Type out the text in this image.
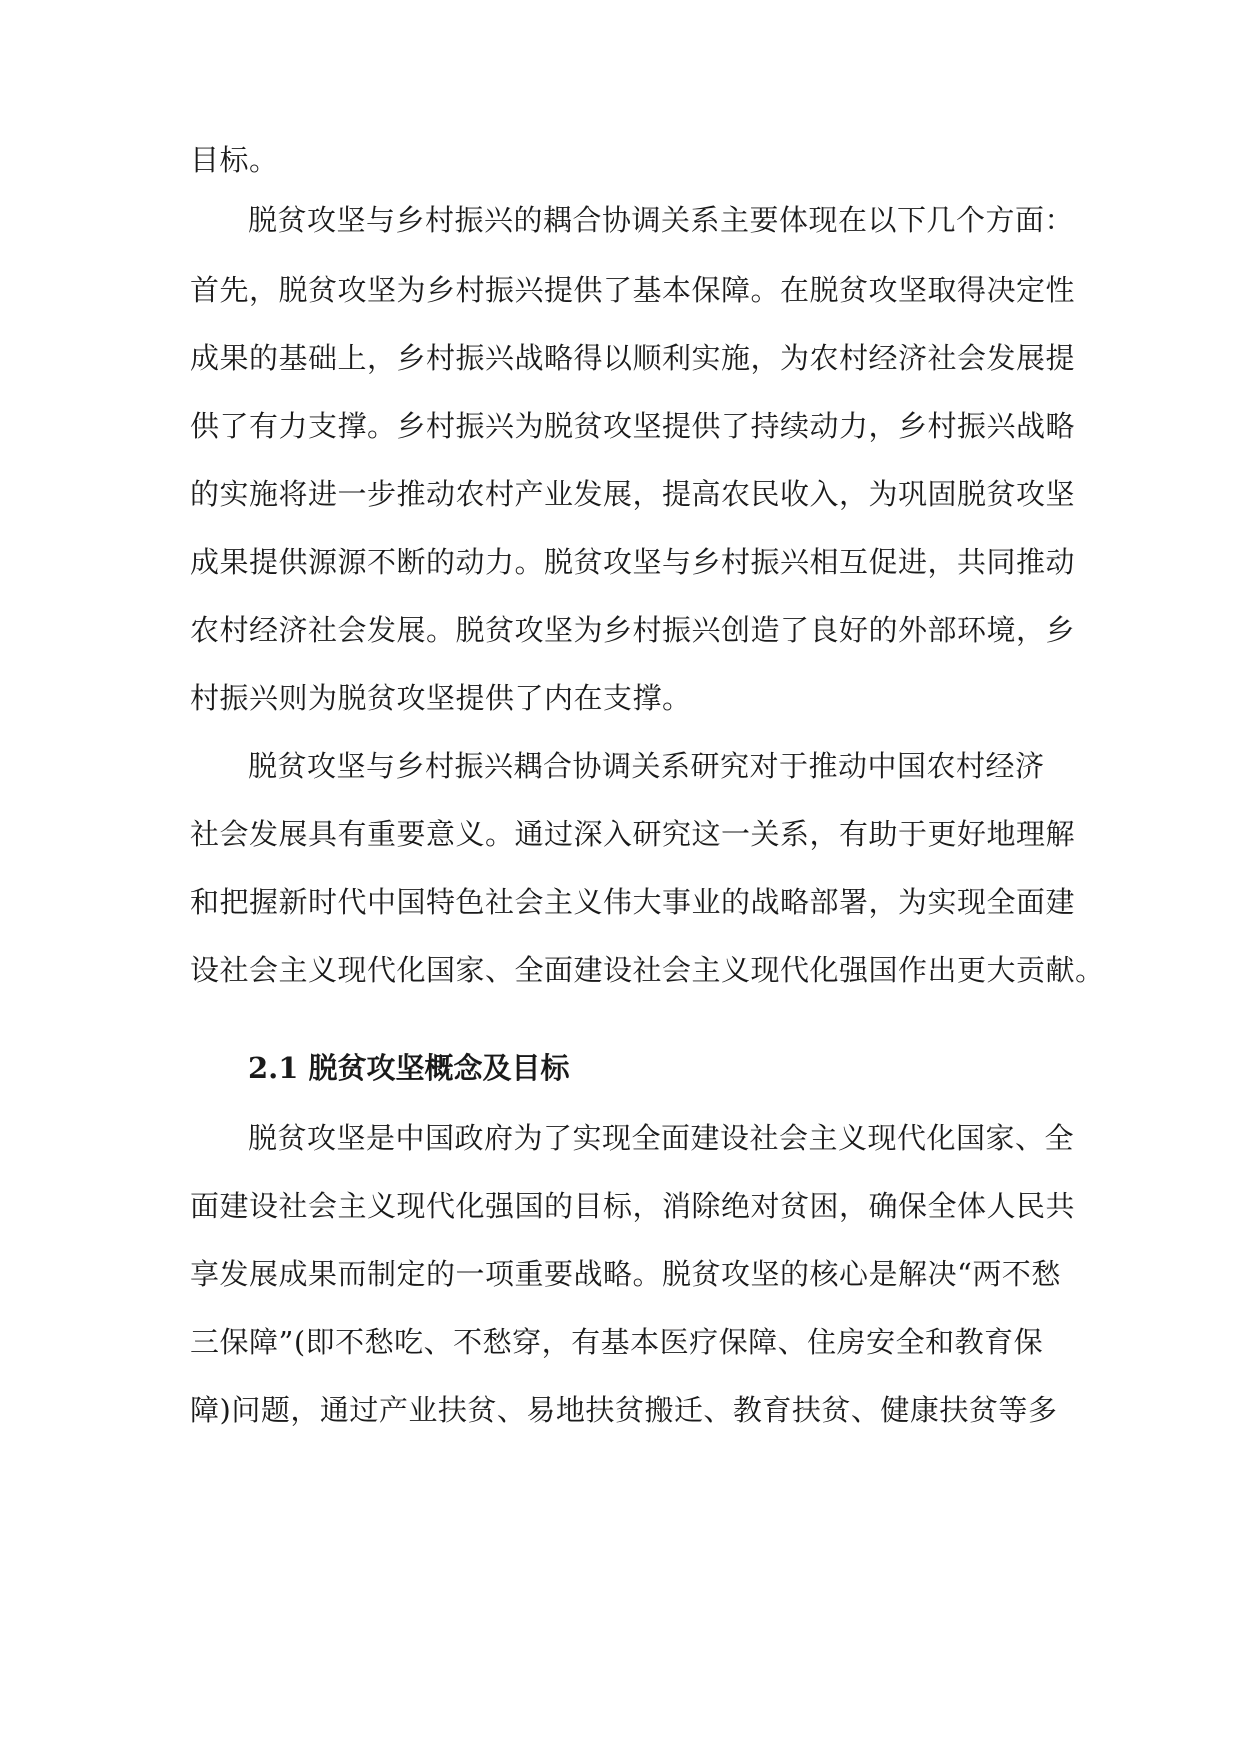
目标。
脱贫攻坚与乡村振兴的耦合协调关系主要体现在以下几个方面：
首先，脱贫攻坚为乡村振兴提供了基本保障。在脱贫攻坚取得决定性
成果的基础上，乡村振兴战略得以顺利实施，为农村经济社会发展提
供了有力支撑。乡村振兴为脱贫攻坚提供了持续动力，乡村振兴战略
的实施将进一步推动农村产业发展，提高农民收入，为巩固脱贫攻坚
成果提供源源不断的动力。脱贫攻坚与乡村振兴相互促进，共同推动
农村经济社会发展。脱贫攻坚为乡村振兴创造了良好的外部环境，乡
村振兴则为脱贫攻坚提供了内在支撑。
脱贫攻坚与乡村振兴耦合协调关系研究对于推动中国农村经济
社会发展具有重要意义。通过深入研究这一关系，有助于更好地理解
和把握新时代中国特色社会主义伟大事业的战略部署，为实现全面建
设社会主义现代化国家、全面建设社会主义现代化强国作出更大贡献。
2.1 脱贫攻坚概念及目标
脱贫攻坚是中国政府为了实现全面建设社会主义现代化国家、全
面建设社会主义现代化强国的目标，消除绝对贫困，确保全体人民共
享发展成果而制定的一项重要战略。脱贫攻坚的核心是解决“两不愁
三保障”(即不愁吃、不愁穿，有基本医疗保障、住房安全和教育保
障)问题，通过产业扶贫、易地扶贫搬迁、教育扶贫、健康扶贫等多
